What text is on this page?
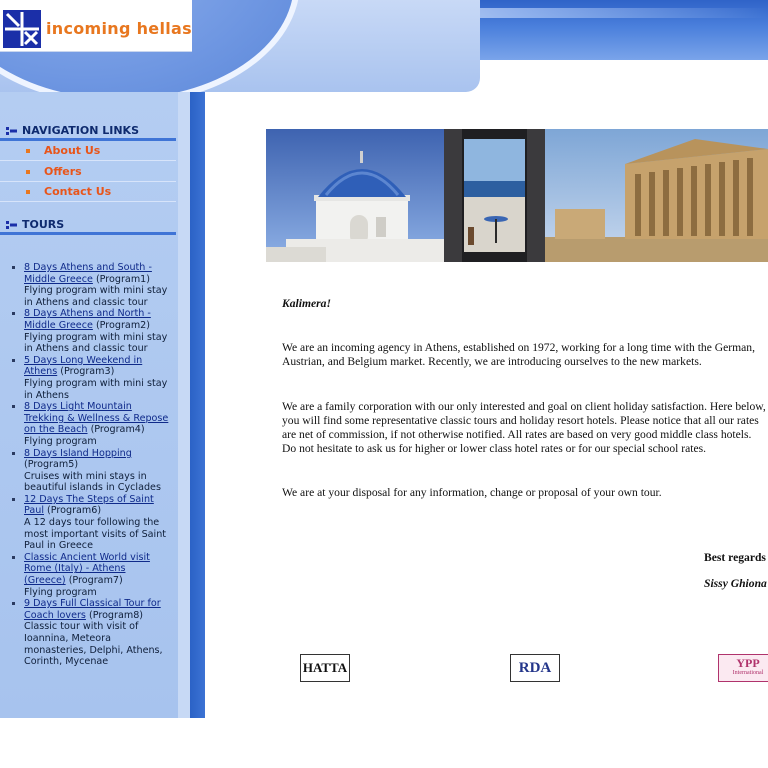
incoming hellas
NAVIGATION LINKS
About Us
Offers
Contact Us
TOURS
8 Days Athens and South - Middle Greece (Program1)
Flying program with mini stay in Athens and classic tour
8 Days Athens and North - Middle Greece (Program2)
Flying program with mini stay in Athens and classic tour
5 Days Long Weekend in Athens (Program3)
Flying program with mini stay in Athens
8 Days Light Mountain Trekking & Wellness & Repose on the Beach (Program4)
Flying program
8 Days Island Hopping (Program5)
Cruises with mini stays in beautiful islands in Cyclades
12 Days The Steps of Saint Paul (Program6)
A 12 days tour following the most important visits of Saint Paul in Greece
Classic Ancient World visit Rome (Italy) - Athens (Greece) (Program7)
Flying program
9 Days Full Classical Tour for Coach lovers (Program8)
Classic tour with visit of Ioannina, Meteora monasteries, Delphi, Athens, Corinth, Mycenae

Kalimera!

We are an incoming agency in Athens, established on 1972, working for a long time with the German, Austrian, and Belgium market. Recently, we are introducing ourselves to the new markets.

We are a family corporation with our only interested and goal on client holiday satisfaction. Here below, you will find some representative classic tours and holiday resort hotels. Please notice that all our rates are net of commission, if not otherwise notified. All rates are based on very good middle class hotels. Do not hesitate to ask us for higher or lower class hotel rates or for our special school rates.

We are at your disposal for any information, change or proposal of your own tour.

Best regards
Sissy Ghiona
HATTA	RDA	YPP
International
